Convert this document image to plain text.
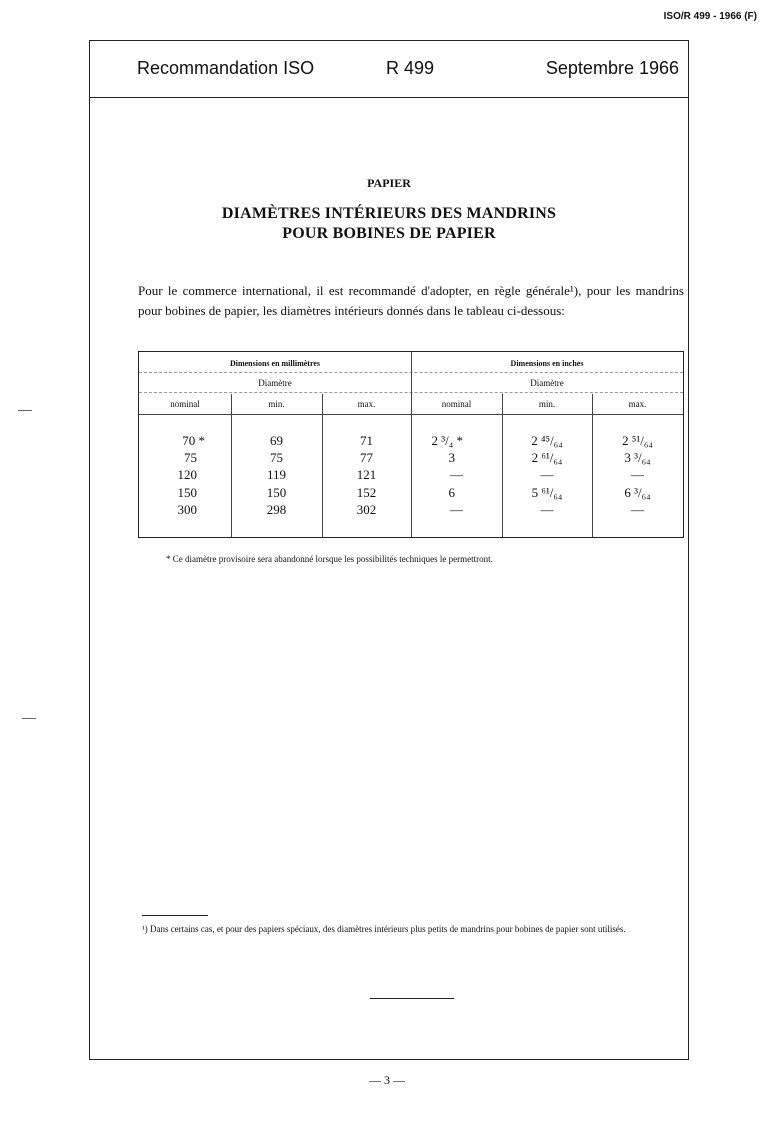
ISO/R 499 - 1966 (F)
Recommandation ISO	R 499	Septembre 1966
PAPIER
DIAMÈTRES INTÉRIEURS DES MANDRINS
POUR BOBINES DE PAPIER

Pour le commerce international, il est recommandé d'adopter, en règle générale¹), pour les mandrins pour bobines de papier, les diamètres intérieurs donnés dans le tableau ci-dessous:

Dimensions en millimètres	Dimensions en inches
Diamètre	Diamètre
nominal	min.	max.	nominal	min.	max.
70 *	69	71	2 ³/₄ *	2 ⁴⁵/₆₄	2 ⁵¹/₆₄
75	75	77	3	2 ⁶¹/₆₄	3 ³/₆₄
120	119	121	—	—	—
150	150	152	6	5 ⁶¹/₆₄	6 ³/₆₄
300	298	302	—	—	—
* Ce diamètre provisoire sera abandonné lorsque les possibilités techniques le permettront.

¹) Dans certains cas, et pour des papiers spéciaux, des diamètres intérieurs plus petits de mandrins pour bobines de papier sont utilisés.

— 3 —
